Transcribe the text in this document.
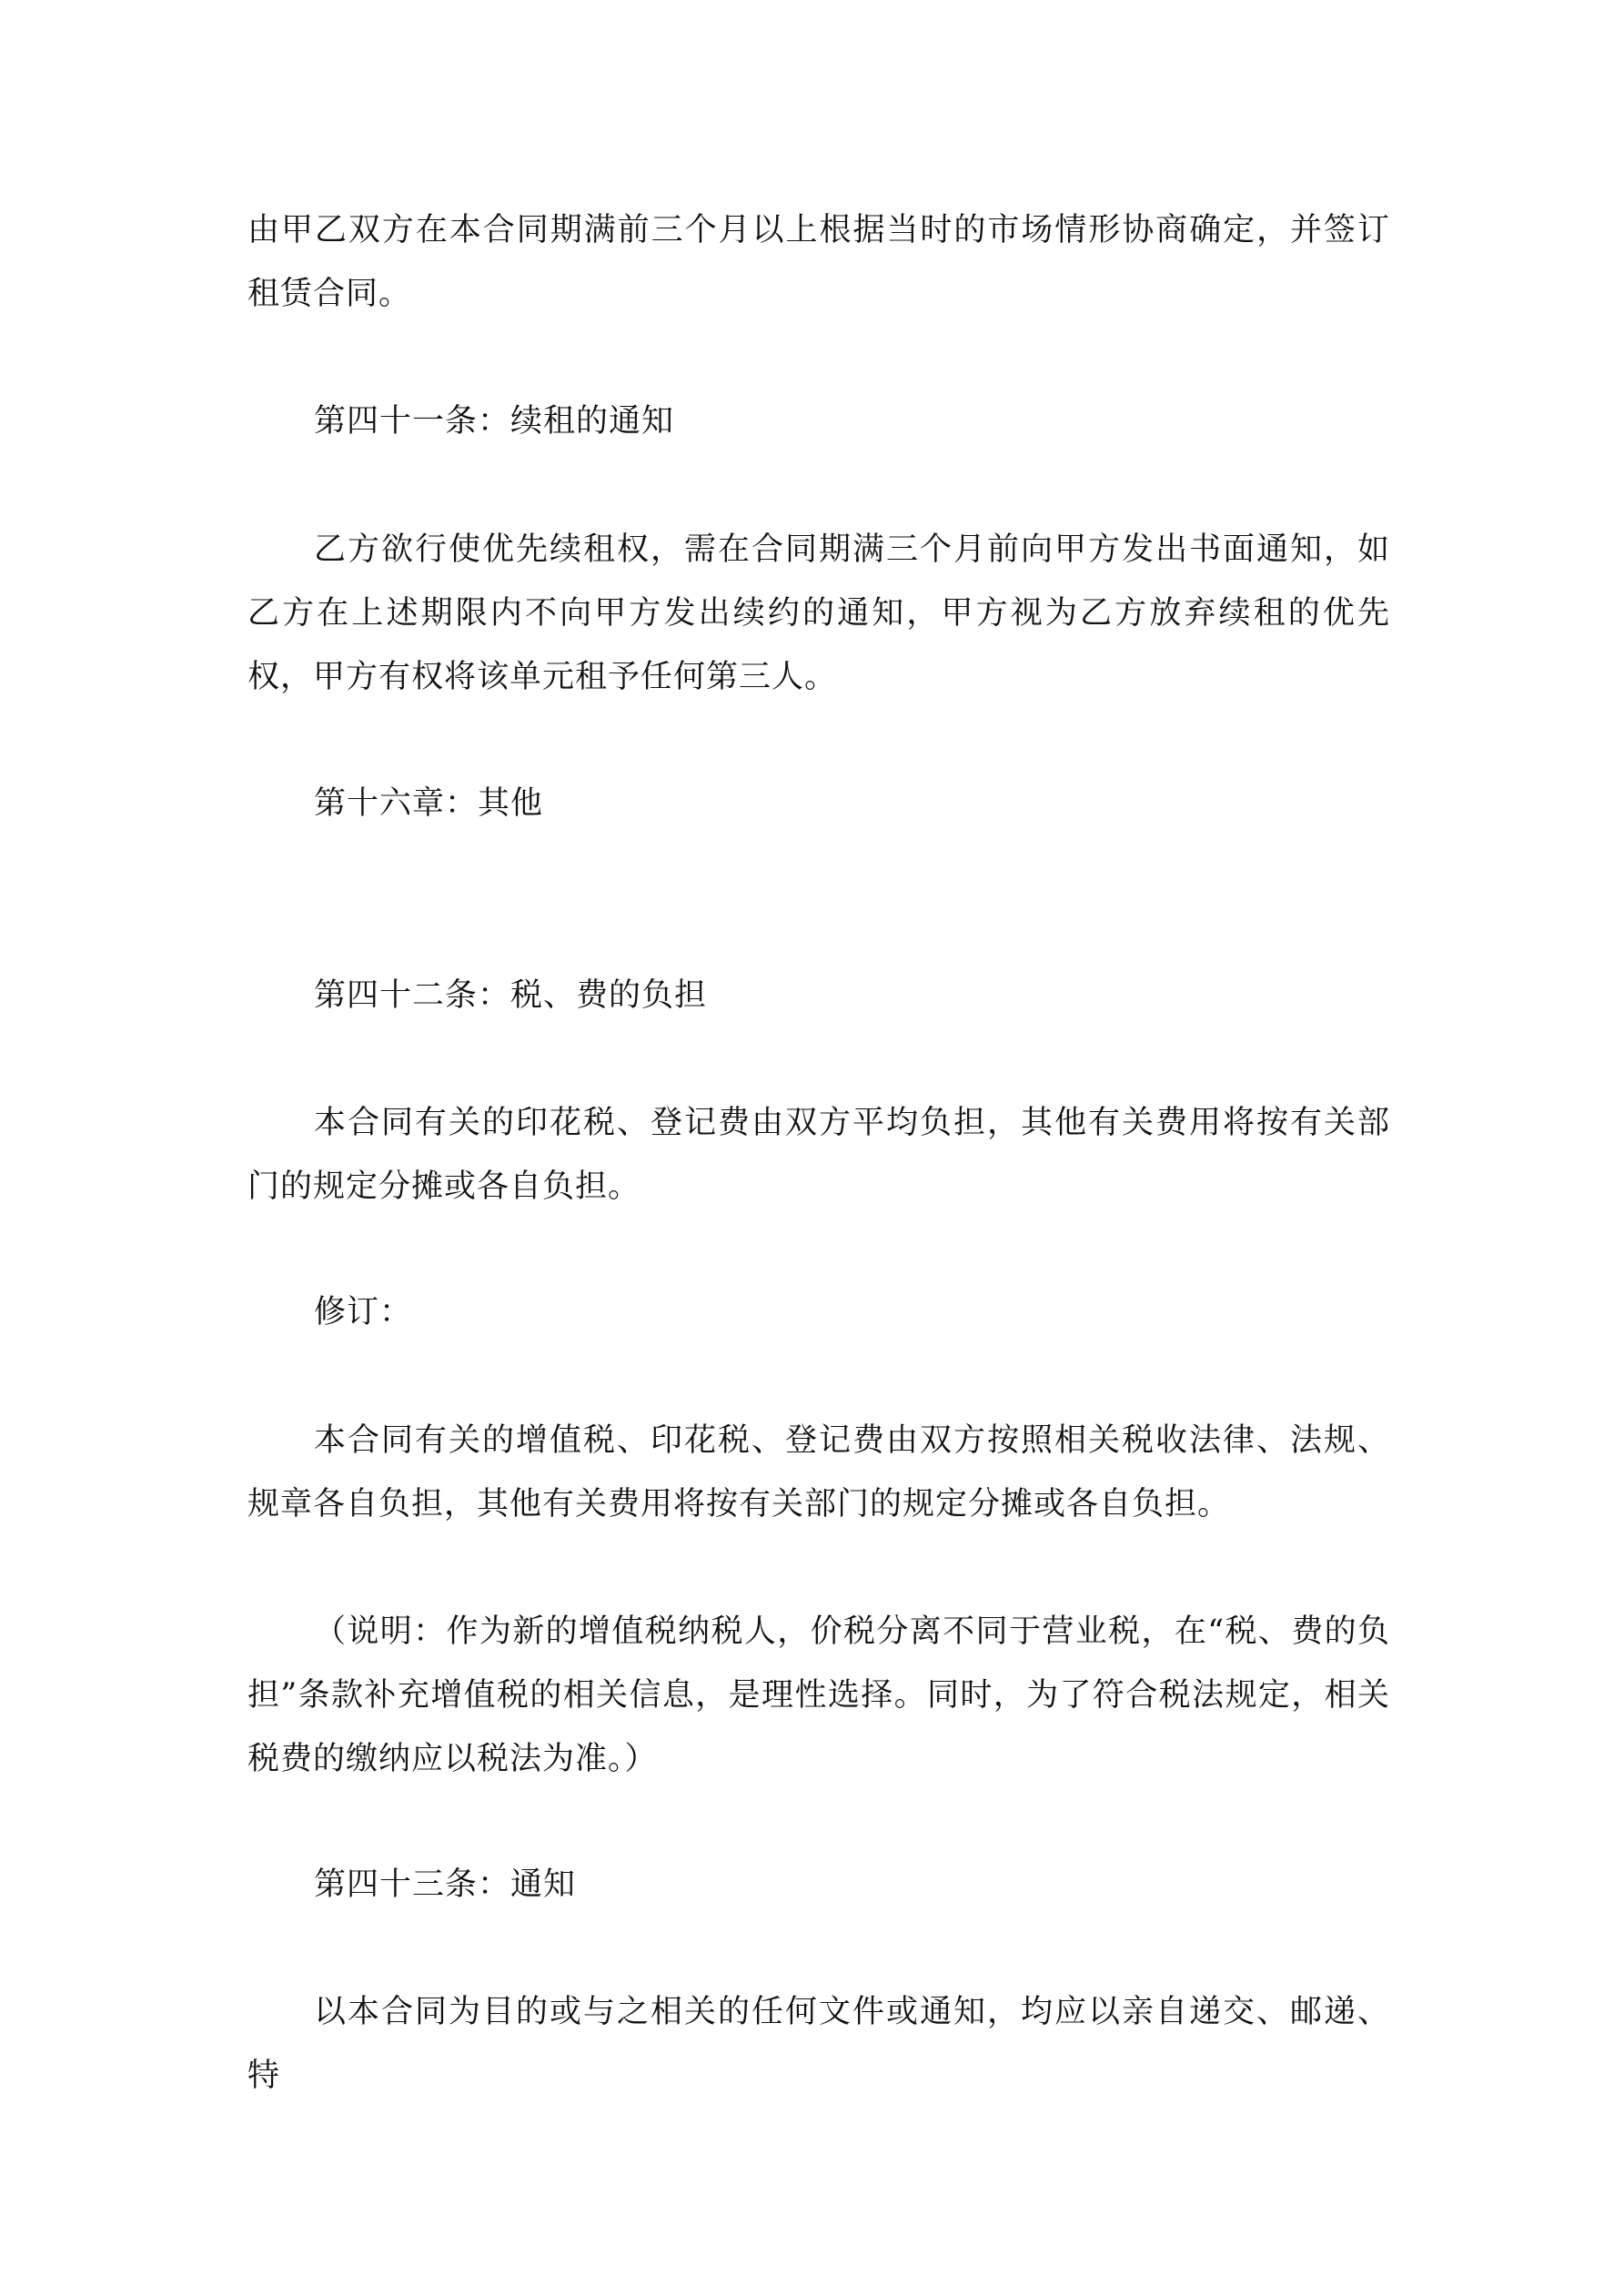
由甲乙双方在本合同期满前三个月以上根据当时的市场情形协商确定，并签订租赁合同。

第四十一条：续租的通知

乙方欲行使优先续租权，需在合同期满三个月前向甲方发出书面通知，如乙方在上述期限内不向甲方发出续约的通知，甲方视为乙方放弃续租的优先权，甲方有权将该单元租予任何第三人。

第十六章：其他

第四十二条：税、费的负担

本合同有关的印花税、登记费由双方平均负担，其他有关费用将按有关部门的规定分摊或各自负担。

修订：

本合同有关的增值税、印花税、登记费由双方按照相关税收法律、法规、规章各自负担，其他有关费用将按有关部门的规定分摊或各自负担。

（说明：作为新的增值税纳税人，价税分离不同于营业税，在“税、费的负担”条款补充增值税的相关信息，是理性选择。同时，为了符合税法规定，相关税费的缴纳应以税法为准。）

第四十三条：通知

以本合同为目的或与之相关的任何文件或通知，均应以亲自递交、邮递、特
